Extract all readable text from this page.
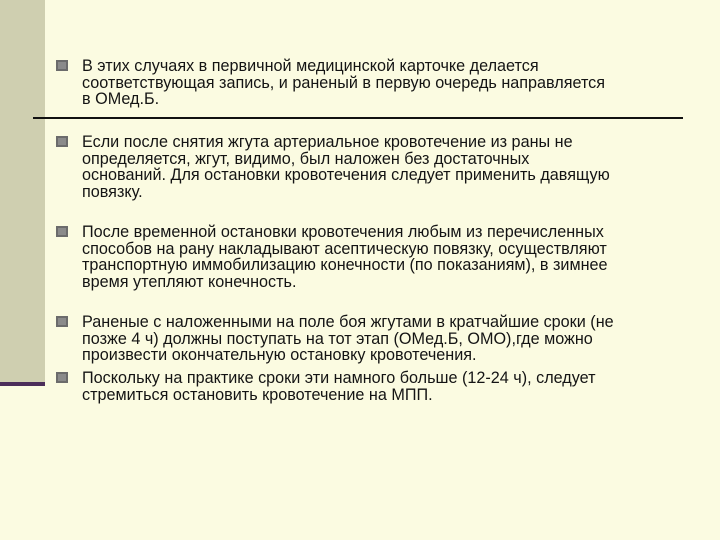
В этих случаях в первичной медицинской карточке делается
соответствующая запись, и раненый в первую очередь направляется
в ОМед.Б.

Если после снятия жгута артериальное кровотечение из раны не
определяется, жгут, видимо, был наложен без достаточных
оснований. Для остановки кровотечения следует применить давящую
повязку.

После временной остановки кровотечения любым из перечисленных
способов на рану накладывают асептическую повязку, осуществляют
транспортную иммобилизацию конечности (по показаниям), в зимнее
время утепляют конечность.

Раненые с наложенными на поле боя жгутами в кратчайшие сроки (не
позже 4 ч) должны поступать на тот этап (ОМед.Б, ОМО),где можно
произвести окончательную остановку кровотечения.

Поскольку на практике сроки эти намного больше (12-24 ч), следует
стремиться остановить кровотечение на МПП.
